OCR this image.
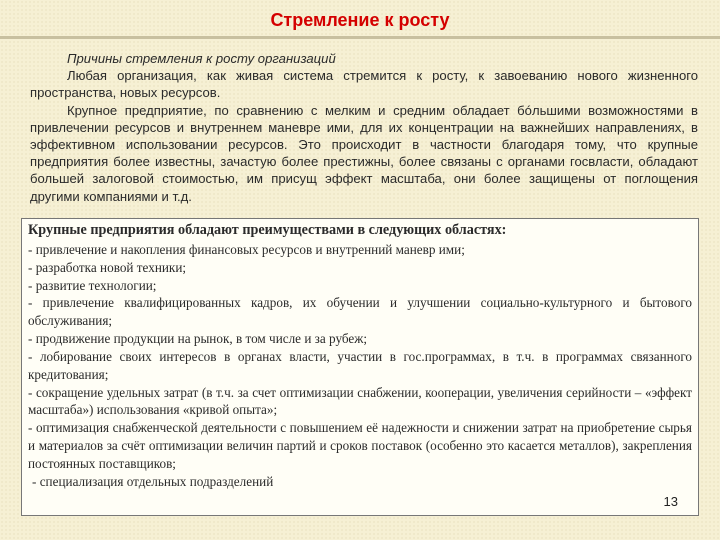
Стремление к росту

Причины стремления к росту организаций

Любая организация, как живая система стремится к росту, к завоеванию нового жизненного пространства, новых ресурсов.

Крупное предприятие, по сравнению с мелким и средним обладает бóльшими возможностями в привлечении ресурсов и внутреннем маневре ими, для их концентрации на важнейших направлениях, в эффективном использовании ресурсов. Это происходит в частности благодаря тому, что крупные предприятия более известны, зачастую более престижны, более связаны с органами госвласти, обладают большей залоговой стоимостью, им присущ эффект масштаба, они более защищены от поглощения другими компаниями и т.д.

Крупные предприятия обладают преимуществами в следующих областях:

- привлечение и накопления финансовых ресурсов и внутренний маневр ими;
- разработка новой техники;
- развитие технологии;
- привлечение квалифицированных кадров, их обучении и улучшении социально-культурного и бытового обслуживания;
- продвижение продукции на рынок, в том числе и за рубеж;
- лобирование своих интересов в органах власти, участии в гос.программах, в т.ч. в программах связанного кредитования;
- сокращение удельных затрат (в т.ч. за счет оптимизации снабжении, кооперации, увеличения серийности – «эффект масштаба») использования «кривой опыта»;
- оптимизация снабженческой деятельности с повышением её надежности и снижении затрат на приобретение сырья и материалов за счёт оптимизации величин партий и сроков поставок (особенно это касается металлов), закрепления постоянных поставщиков;
- специализация отдельных подразделений
13
